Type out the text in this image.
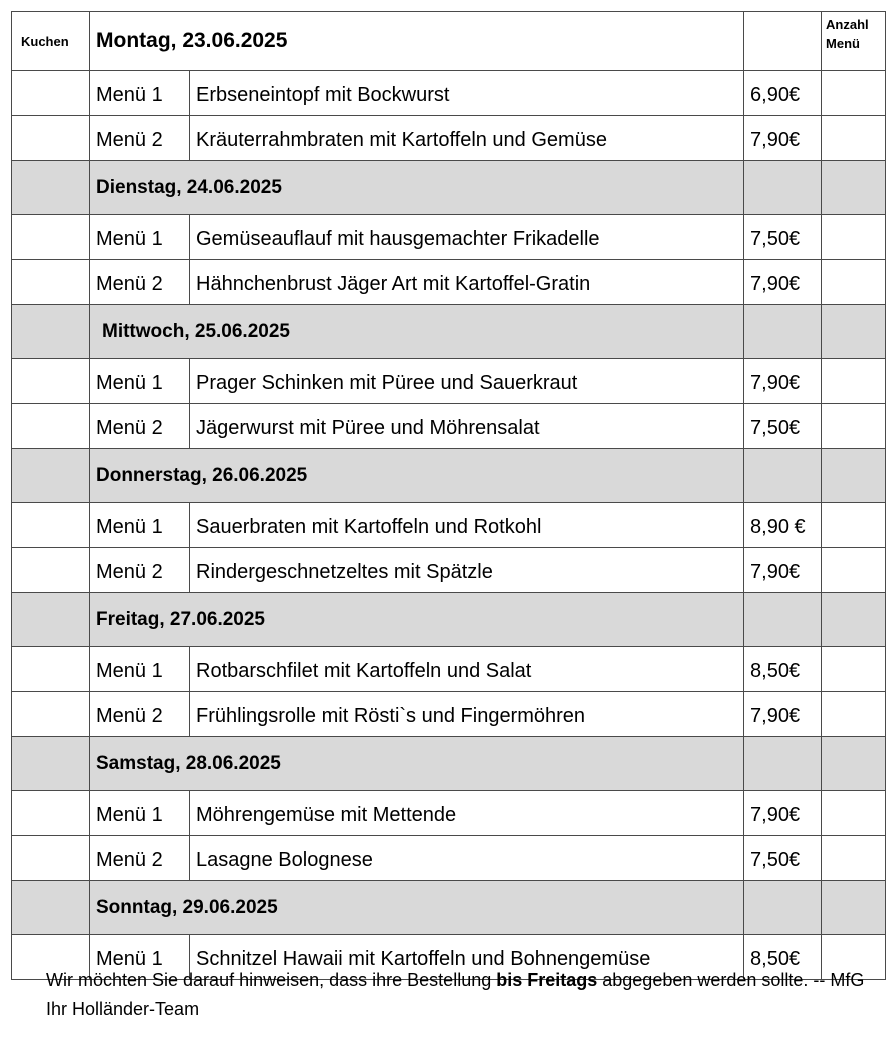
Kuchen	Montag, 23.06.2025			Anzahl
Menü
	Menü 1	Erbseneintopf mit Bockwurst	6,90€	
	Menü 2	Kräuterrahmbraten mit Kartoffeln und Gemüse	7,90€	
	Dienstag, 24.06.2025			
	Menü 1	Gemüseauflauf mit hausgemachter Frikadelle	7,50€	
	Menü 2	Hähnchenbrust Jäger Art mit Kartoffel-Gratin	7,90€	
	Mittwoch, 25.06.2025			
	Menü 1	Prager Schinken mit Püree und Sauerkraut	7,90€	
	Menü 2	Jägerwurst mit Püree und Möhrensalat	7,50€	
	Donnerstag, 26.06.2025			
	Menü 1	Sauerbraten mit Kartoffeln und Rotkohl	8,90 €	
	Menü 2	Rindergeschnetzeltes mit Spätzle	7,90€	
	Freitag, 27.06.2025			
	Menü 1	Rotbarschfilet mit Kartoffeln und Salat	8,50€	
	Menü 2	Frühlingsrolle mit Rösti`s und Fingermöhren	7,90€	
	Samstag, 28.06.2025			
	Menü 1	Möhrengemüse mit Mettende	7,90€	
	Menü 2	Lasagne Bolognese	7,50€	
	Sonntag, 29.06.2025			
	Menü 1	Schnitzel Hawaii mit Kartoffeln und Bohnengemüse	8,50€	
Wir möchten Sie darauf hinweisen, dass ihre Bestellung bis Freitags abgegeben werden sollte. -- MfG Ihr Holländer-Team
